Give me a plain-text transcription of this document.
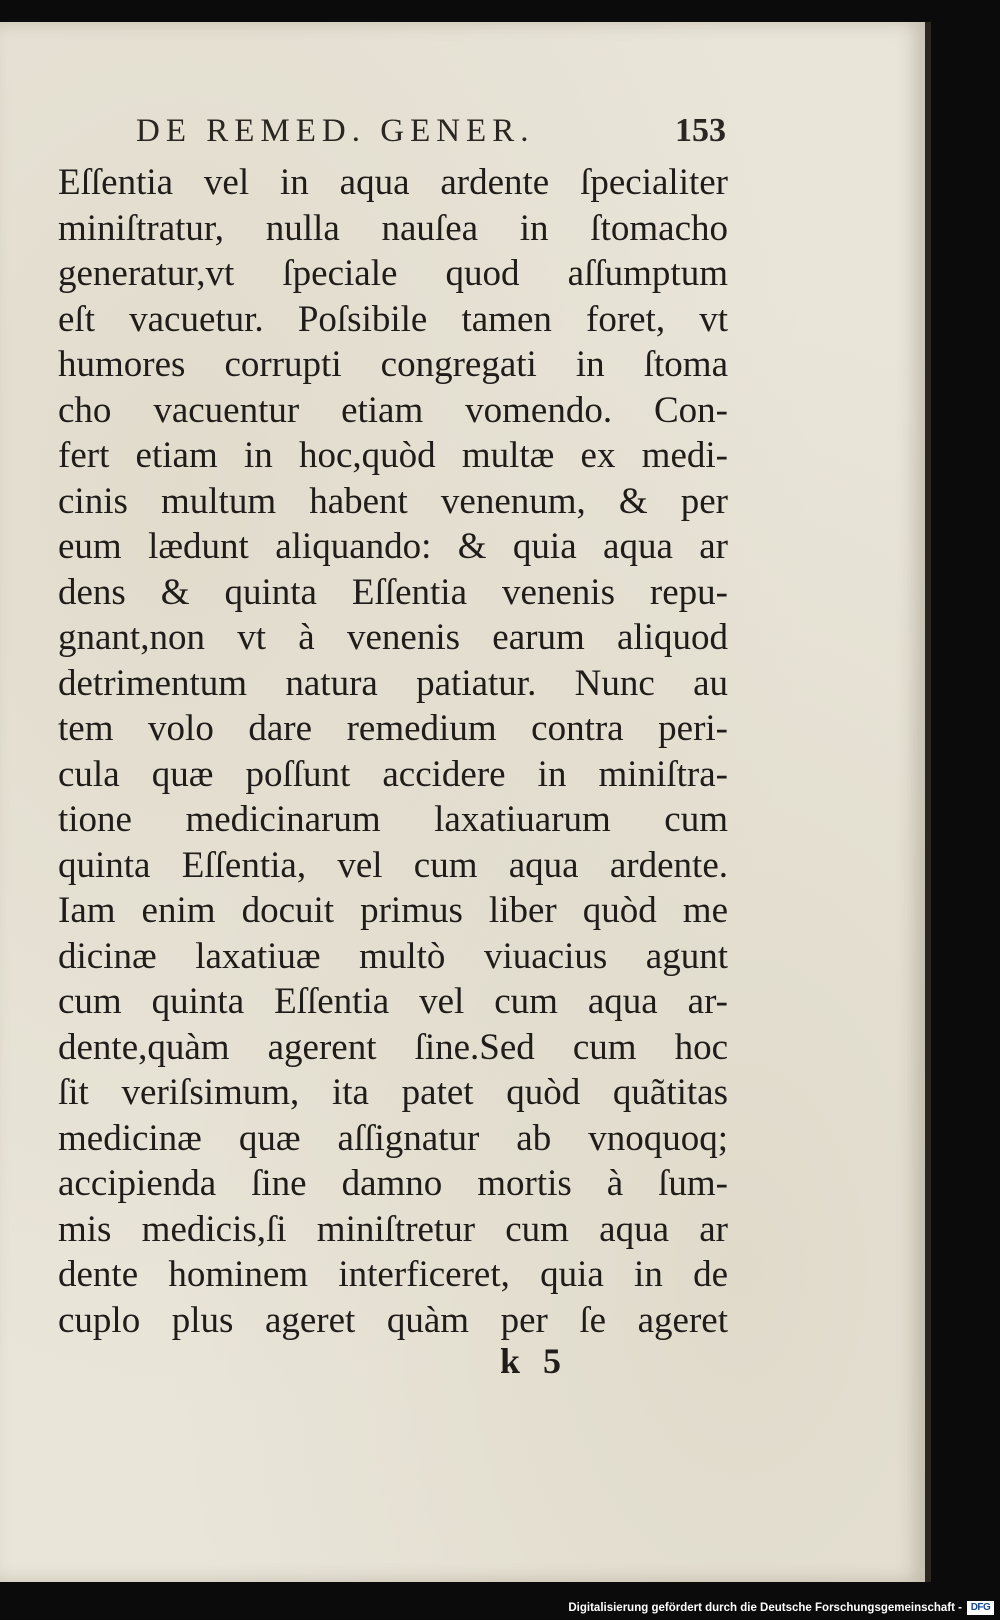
DE REMED. GENER.	153
Eſſentia vel in aqua ardente ſpecialiter
miniſtratur, nulla nauſea in ſtomacho
generatur,vt ſpeciale quod aſſumptum
eſt vacuetur. Poſsibile tamen foret, vt
humores corrupti congregati in ſtoma
cho vacuentur etiam vomendo. Con-
fert etiam in hoc,quòd multæ ex medi-
cinis multum habent venenum, & per
eum lædunt aliquando: & quia aqua ar
dens & quinta Eſſentia venenis repu-
gnant,non vt à venenis earum aliquod
detrimentum natura patiatur. Nunc au
tem volo dare remedium contra peri-
cula quæ poſſunt accidere in miniſtra-
tione medicinarum laxatiuarum cum
quinta Eſſentia, vel cum aqua ardente.
Iam enim docuit primus liber quòd me
dicinæ laxatiuæ multò viuacius agunt
cum quinta Eſſentia vel cum aqua ar-
dente,quàm agerent ſine.Sed cum hoc
ſit veriſsimum, ita patet quòd quãtitas
medicinæ quæ aſſignatur ab vnoquoq;
accipienda ſine damno mortis à ſum-
mis medicis,ſi miniſtretur cum aqua ar
dente hominem interficeret, quia in de
cuplo plus ageret quàm per ſe ageret
k 5
Digitalisierung gefördert durch die Deutsche Forschungsgemeinschaft - DFG
